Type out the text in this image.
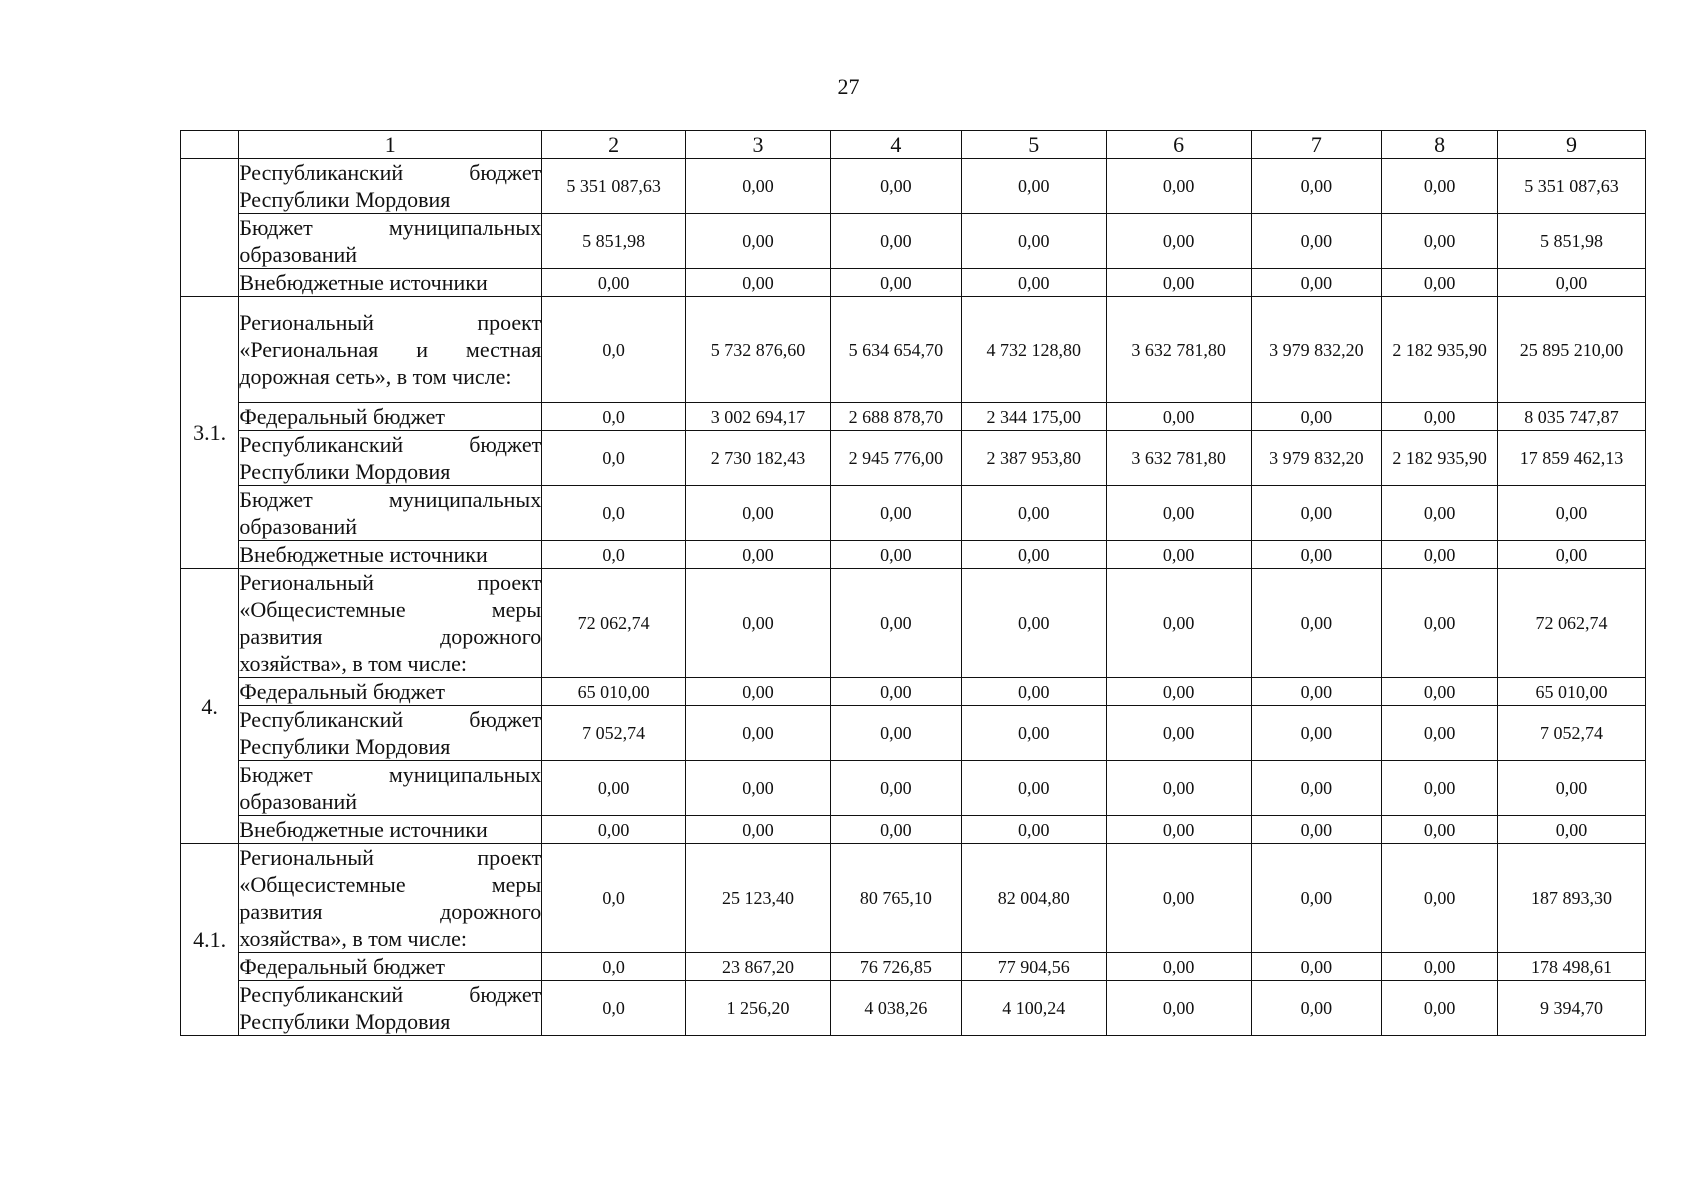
27
	1	2	3	4	5	6	7	8	9
	Республиканский бюджет Республики Мордовия	5 351 087,63	0,00	0,00	0,00	0,00	0,00	0,00	5 351 087,63
	Бюджет муниципальных образований	5 851,98	0,00	0,00	0,00	0,00	0,00	0,00	5 851,98
	Внебюджетные источники	0,00	0,00	0,00	0,00	0,00	0,00	0,00	0,00
3.1.	Региональный проект «Региональная и местная дорожная сеть», в том числе:	0,0	5 732 876,60	5 634 654,70	4 732 128,80	3 632 781,80	3 979 832,20	2 182 935,90	25 895 210,00
	Федеральный бюджет	0,0	3 002 694,17	2 688 878,70	2 344 175,00	0,00	0,00	0,00	8 035 747,87
	Республиканский бюджет Республики Мордовия	0,0	2 730 182,43	2 945 776,00	2 387 953,80	3 632 781,80	3 979 832,20	2 182 935,90	17 859 462,13
	Бюджет муниципальных образований	0,0	0,00	0,00	0,00	0,00	0,00	0,00	0,00
	Внебюджетные источники	0,0	0,00	0,00	0,00	0,00	0,00	0,00	0,00
4.	Региональный проект «Общесистемные меры развития дорожного хозяйства», в том числе:	72 062,74	0,00	0,00	0,00	0,00	0,00	0,00	72 062,74
	Федеральный бюджет	65 010,00	0,00	0,00	0,00	0,00	0,00	0,00	65 010,00
	Республиканский бюджет Республики Мордовия	7 052,74	0,00	0,00	0,00	0,00	0,00	0,00	7 052,74
	Бюджет муниципальных образований	0,00	0,00	0,00	0,00	0,00	0,00	0,00	0,00
	Внебюджетные источники	0,00	0,00	0,00	0,00	0,00	0,00	0,00	0,00
4.1.	Региональный проект «Общесистемные меры развития дорожного хозяйства», в том числе:	0,0	25 123,40	80 765,10	82 004,80	0,00	0,00	0,00	187 893,30
	Федеральный бюджет	0,0	23 867,20	76 726,85	77 904,56	0,00	0,00	0,00	178 498,61
	Республиканский бюджет Республики Мордовия	0,0	1 256,20	4 038,26	4 100,24	0,00	0,00	0,00	9 394,70
